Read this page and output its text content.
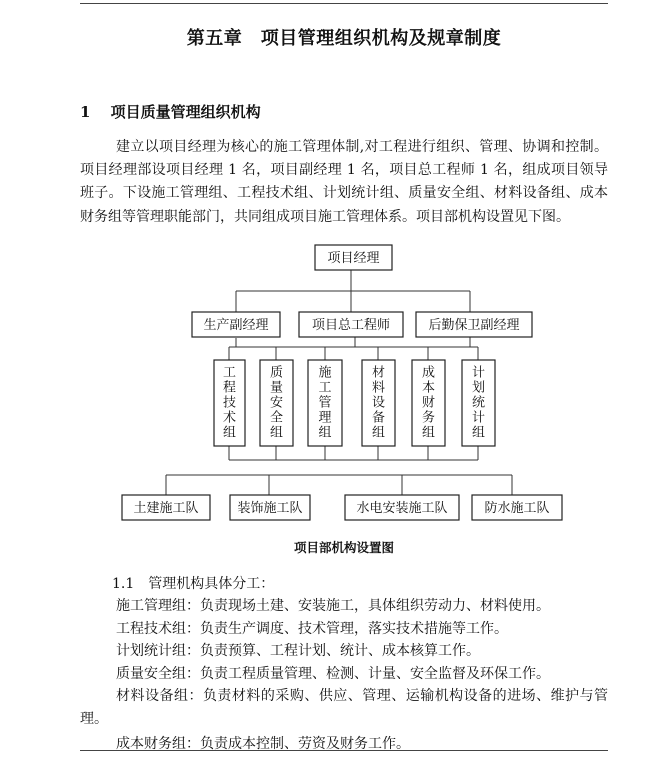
第五章　项目管理组织机构及规章制度
1　 项目质量管理组织机构

建立以项目经理为核心的施工管理体制,对工程进行组织、管理、协调和控制。项目经理部设项目经理 1 名，项目副经理 1 名，项目总工程师 1 名，组成项目领导班子。下设施工管理组、工程技术组、计划统计组、质量安全组、材料设备组、成本财务组等管理职能部门，共同组成项目施工管理体系。项目部机构设置见下图。

项目经理
生产副经理	项目总工程师	后勤保卫副经理
工程技术组
质量安全组
施工管理组
材料设备组
成本财务组
计划统计组
土建施工队	装饰施工队	水电安装施工队	防水施工队
项目部机构设置图
1.1　 管理机构具体分工：
施工管理组：负责现场土建、安装施工，具体组织劳动力、材料使用。
工程技术组：负责生产调度、技术管理，落实技术措施等工作。
计划统计组：负责预算、工程计划、统计、成本核算工作。
质量安全组：负责工程质量管理、检测、计量、安全监督及环保工作。
材料设备组：负责材料的采购、供应、管理、运输机构设备的进场、维护与管理。
成本财务组：负责成本控制、劳资及财务工作。
